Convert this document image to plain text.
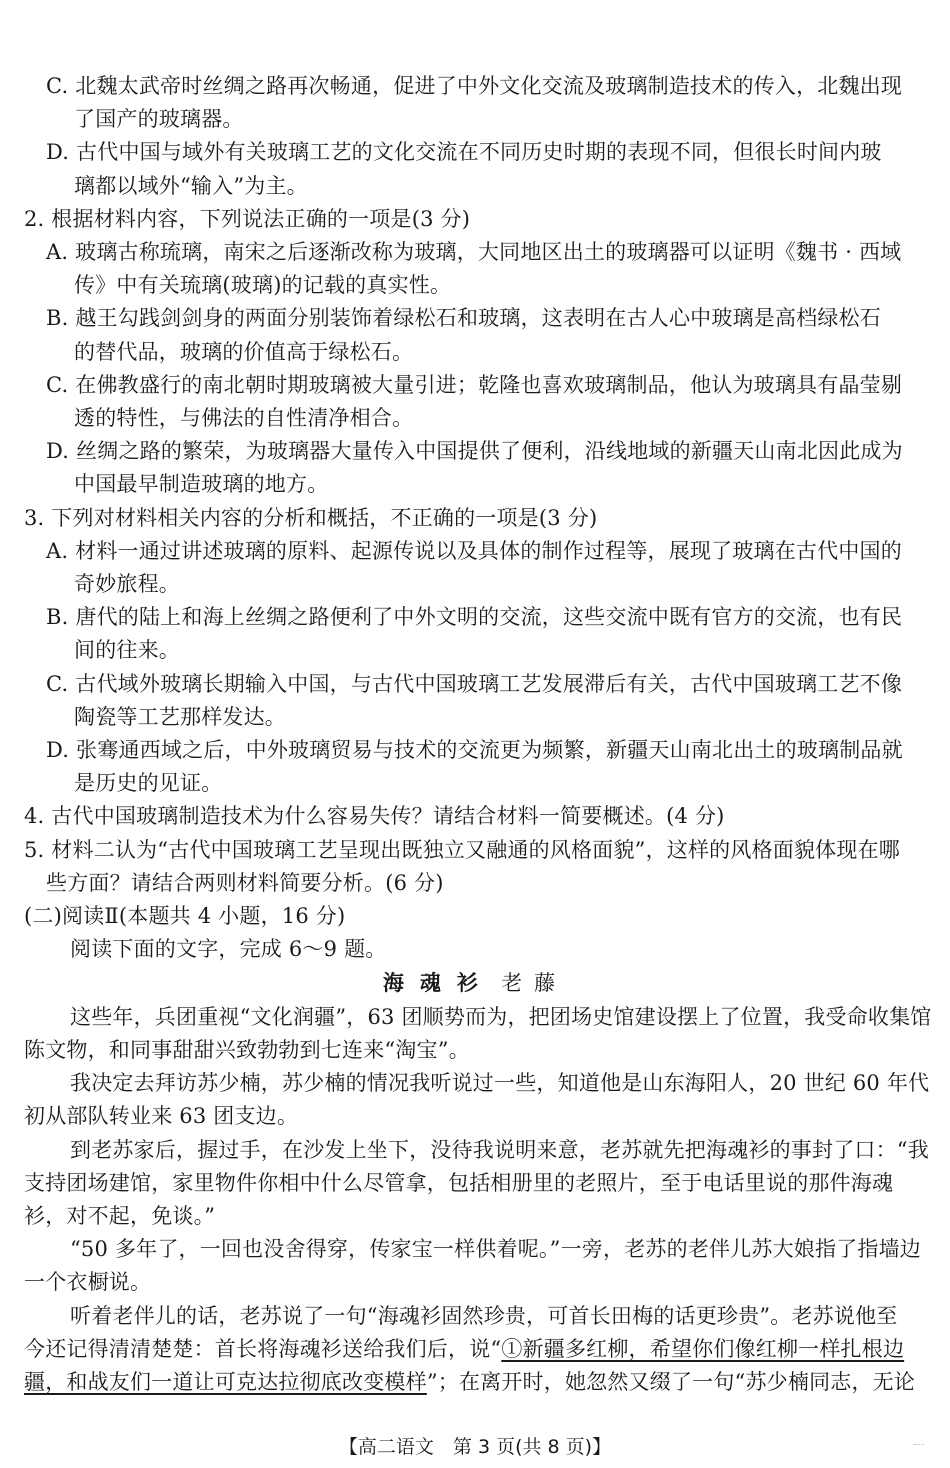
C. 北魏太武帝时丝绸之路再次畅通，促进了中外文化交流及玻璃制造技术的传入，北魏出现
了国产的玻璃器。
D. 古代中国与域外有关玻璃工艺的文化交流在不同历史时期的表现不同，但很长时间内玻
璃都以域外“输入”为主。
2. 根据材料内容，下列说法正确的一项是(3 分)
A. 玻璃古称琉璃，南宋之后逐渐改称为玻璃，大同地区出土的玻璃器可以证明《魏书 · 西域
传》中有关琉璃(玻璃)的记载的真实性。
B. 越王勾践剑剑身的两面分别装饰着绿松石和玻璃，这表明在古人心中玻璃是高档绿松石
的替代品，玻璃的价值高于绿松石。
C. 在佛教盛行的南北朝时期玻璃被大量引进；乾隆也喜欢玻璃制品，他认为玻璃具有晶莹剔
透的特性，与佛法的自性清净相合。
D. 丝绸之路的繁荣，为玻璃器大量传入中国提供了便利，沿线地域的新疆天山南北因此成为
中国最早制造玻璃的地方。
3. 下列对材料相关内容的分析和概括，不正确的一项是(3 分)
A. 材料一通过讲述玻璃的原料、起源传说以及具体的制作过程等，展现了玻璃在古代中国的
奇妙旅程。
B. 唐代的陆上和海上丝绸之路便利了中外文明的交流，这些交流中既有官方的交流，也有民
间的往来。
C. 古代域外玻璃长期输入中国，与古代中国玻璃工艺发展滞后有关，古代中国玻璃工艺不像
陶瓷等工艺那样发达。
D. 张骞通西域之后，中外玻璃贸易与技术的交流更为频繁，新疆天山南北出土的玻璃制品就
是历史的见证。
4. 古代中国玻璃制造技术为什么容易失传？请结合材料一简要概述。(4 分)
5. 材料二认为“古代中国玻璃工艺呈现出既独立又融通的风格面貌”，这样的风格面貌体现在哪
些方面？请结合两则材料简要分析。(6 分)
(二)阅读Ⅱ(本题共 4 小题，16 分)
阅读下面的文字，完成 6～9 题。
海魂衫 老藤
这些年，兵团重视“文化润疆”，63 团顺势而为，把团场史馆建设摆上了位置，我受命收集馆
陈文物，和同事甜甜兴致勃勃到七连来“淘宝”。
我决定去拜访苏少楠，苏少楠的情况我听说过一些，知道他是山东海阳人，20 世纪 60 年代
初从部队转业来 63 团支边。
到老苏家后，握过手，在沙发上坐下，没待我说明来意，老苏就先把海魂衫的事封了口：“我
支持团场建馆，家里物件你相中什么尽管拿，包括相册里的老照片，至于电话里说的那件海魂
衫，对不起，免谈。”
“50 多年了，一回也没舍得穿，传家宝一样供着呢。”一旁，老苏的老伴儿苏大娘指了指墙边
一个衣橱说。
听着老伴儿的话，老苏说了一句“海魂衫固然珍贵，可首长田梅的话更珍贵”。老苏说他至
今还记得清清楚楚：首长将海魂衫送给我们后，说“①新疆多红柳，希望你们像红柳一样扎根边
疆，和战友们一道让可克达拉彻底改变模样”；在离开时，她忽然又缀了一句“苏少楠同志，无论
【高二语文　第 3 页(共 8 页)】
